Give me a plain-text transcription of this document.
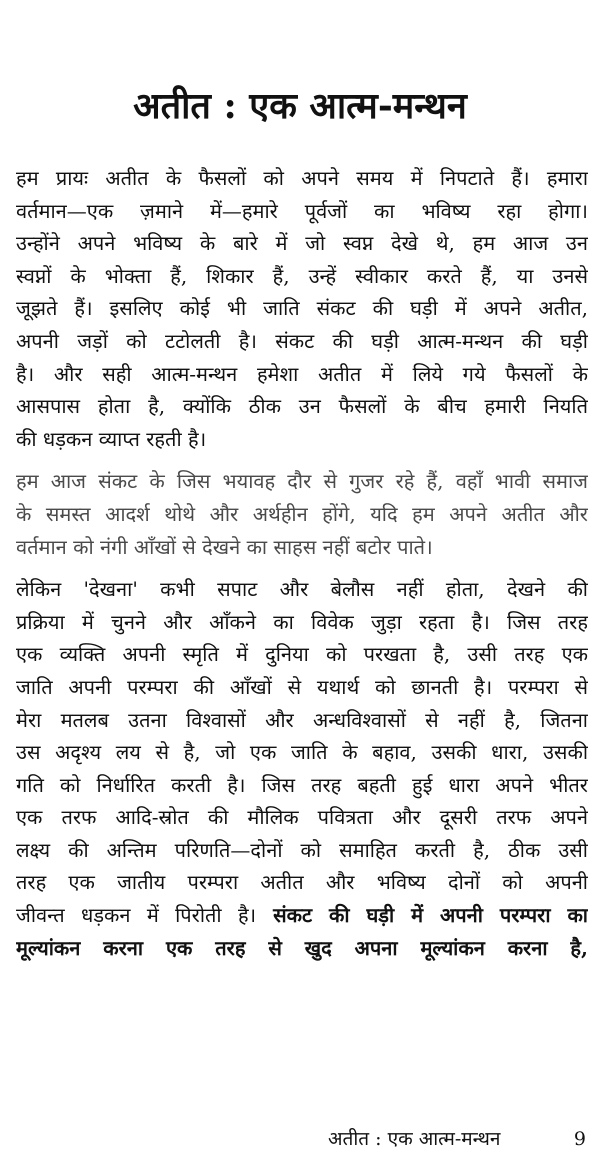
अतीत : एक आत्म-मन्थन
हम प्रायः अतीत के फैसलों को अपने समय में निपटाते हैं। हमारा
वर्तमान—एक ज़माने में—हमारे पूर्वजों का भविष्य रहा होगा।
उन्होंने अपने भविष्य के बारे में जो स्वप्न देखे थे, हम आज उन
स्वप्नों के भोक्ता हैं, शिकार हैं, उन्हें स्वीकार करते हैं, या उनसे
जूझते हैं। इसलिए कोई भी जाति संकट की घड़ी में अपने अतीत,
अपनी जड़ों को टटोलती है। संकट की घड़ी आत्म-मन्थन की घड़ी
है। और सही आत्म-मन्थन हमेशा अतीत में लिये गये फैसलों के
आसपास होता है, क्योंकि ठीक उन फैसलों के बीच हमारी नियति
की धड़कन व्याप्त रहती है।
हम आज संकट के जिस भयावह दौर से गुजर रहे हैं, वहाँ भावी समाज
के समस्त आदर्श थोथे और अर्थहीन होंगे, यदि हम अपने अतीत और
वर्तमान को नंगी आँखों से देखने का साहस नहीं बटोर पाते।
लेकिन 'देखना' कभी सपाट और बेलौस नहीं होता, देखने की
प्रक्रिया में चुनने और आँकने का विवेक जुड़ा रहता है। जिस तरह
एक व्यक्ति अपनी स्मृति में दुनिया को परखता है, उसी तरह एक
जाति अपनी परम्परा की आँखों से यथार्थ को छानती है। परम्परा से
मेरा मतलब उतना विश्वासों और अन्धविश्वासों से नहीं है, जितना
उस अदृश्य लय से है, जो एक जाति के बहाव, उसकी धारा, उसकी
गति को निर्धारित करती है। जिस तरह बहती हुई धारा अपने भीतर
एक तरफ आदि-स्रोत की मौलिक पवित्रता और दूसरी तरफ अपने
लक्ष्य की अन्तिम परिणति—दोनों को समाहित करती है, ठीक उसी
तरह एक जातीय परम्परा अतीत और भविष्य दोनों को अपनी
जीवन्त धड़कन में पिरोती है। संकट की घड़ी में अपनी परम्परा का
मूल्यांकन करना एक तरह से खुद अपना मूल्यांकन करना है,
अतीत : एक आत्म-मन्थन	9
